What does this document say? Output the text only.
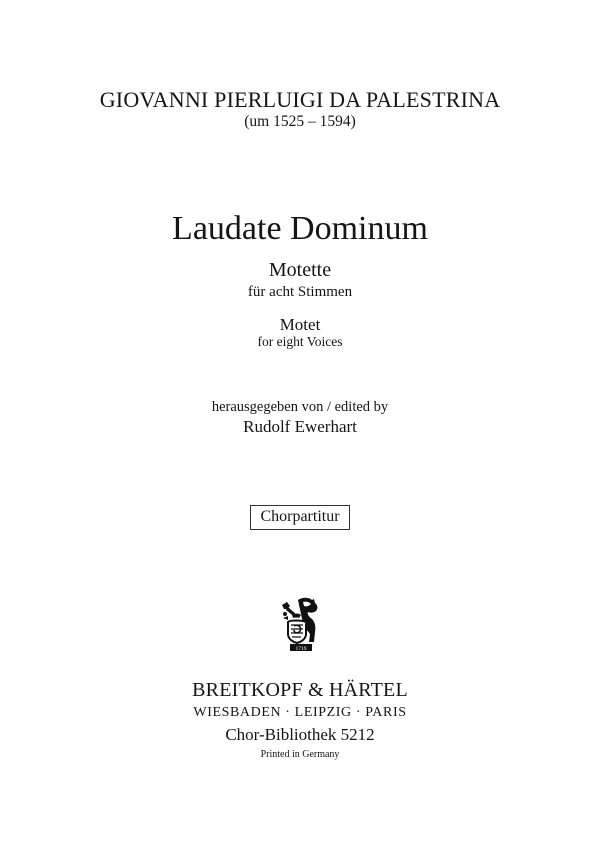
GIOVANNI PIERLUIGI DA PALESTRINA
(um 1525 – 1594)
Laudate Dominum
Motette
für acht Stimmen
Motet
for eight Voices
herausgegeben von / edited by
Rudolf Ewerhart
Chorpartitur
1719
BREITKOPF & HÄRTEL
WIESBADEN · LEIPZIG · PARIS
Chor-Bibliothek 5212
Printed in Germany
